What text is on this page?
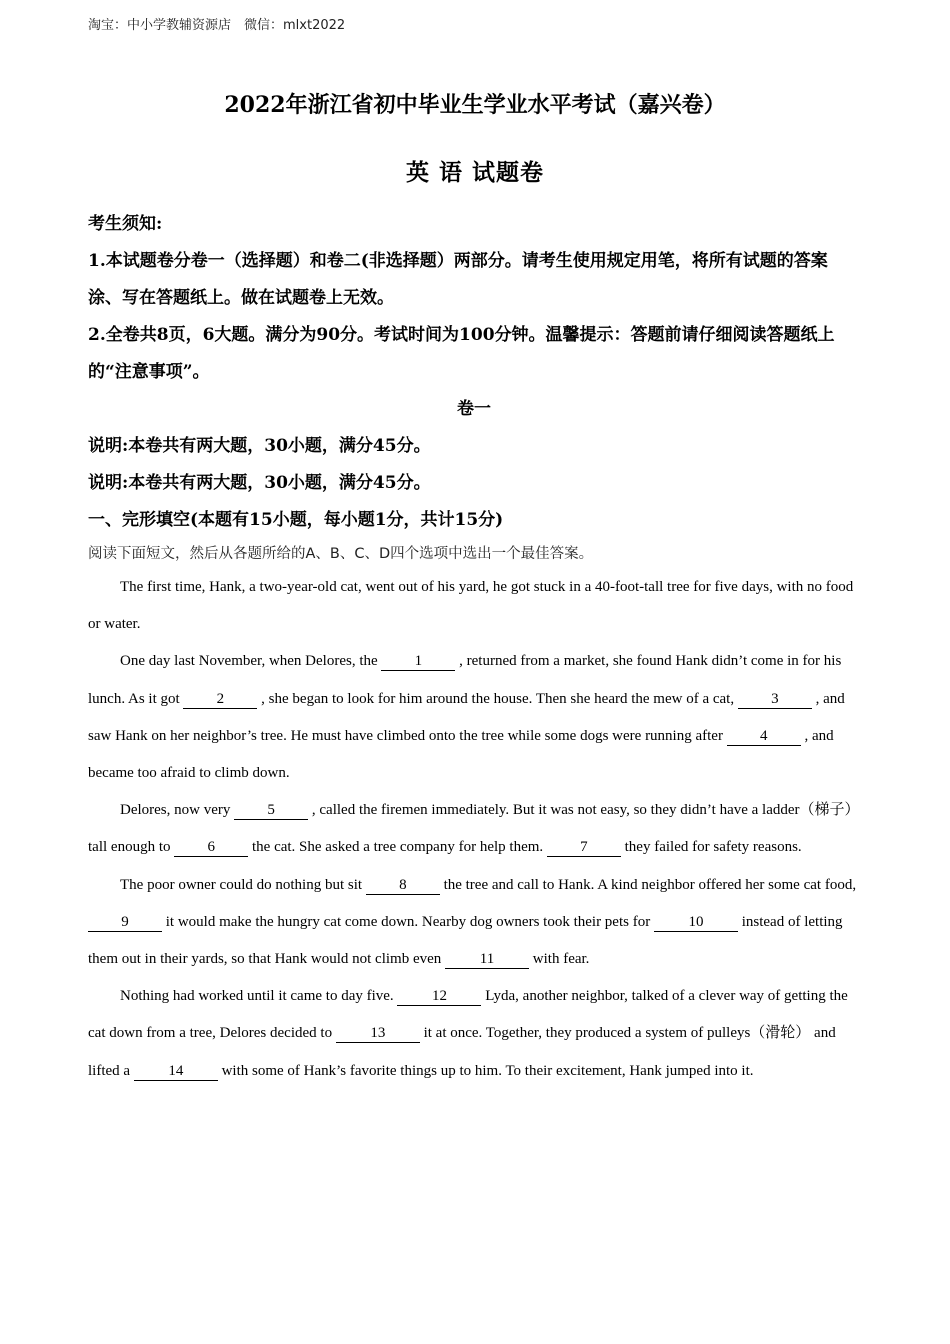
淘宝：中小学教辅资源店　微信：mlxt2022
2022年浙江省初中毕业生学业水平考试（嘉兴卷）
英 语 试题卷
考生须知:
1.本试题卷分卷一（选择题）和卷二(非选择题）两部分。请考生使用规定用笔，将所有试题的答案涂、写在答题纸上。做在试题卷上无效。
2.全卷共8页，6大题。满分为90分。考试时间为100分钟。温馨提示：答题前请仔细阅读答题纸上的“注意事项”。
卷一
说明:本卷共有两大题，30小题，满分45分。
说明:本卷共有两大题，30小题，满分45分。
一、完形填空(本题有15小题，每小题1分，共计15分)
阅读下面短文，然后从各题所给的A、B、C、D四个选项中选出一个最佳答案。

The first time, Hank, a two-year-old cat, went out of his yard, he got stuck in a 40-foot-tall tree for five days, with no food or water.

One day last November, when Delores, the 1 , returned from a market, she found Hank didn’t come in for his lunch. As it got 2 , she began to look for him around the house. Then she heard the mew of a cat, 3 , and saw Hank on her neighbor’s tree. He must have climbed onto the tree while some dogs were running after 4 , and became too afraid to climb down.

Delores, now very 5 , called the firemen immediately. But it was not easy, so they didn’t have a ladder（梯子） tall enough to 6 the cat. She asked a tree company for help them. 7 they failed for safety reasons.

The poor owner could do nothing but sit 8 the tree and call to Hank. A kind neighbor offered her some cat food, 9 it would make the hungry cat come down. Nearby dog owners took their pets for 10 instead of letting them out in their yards, so that Hank would not climb even 11 with fear.

Nothing had worked until it came to day five. 12 Lyda, another neighbor, talked of a clever way of getting the cat down from a tree, Delores decided to 13 it at once. Together, they produced a system of pulleys（滑轮） and lifted a 14 with some of Hank’s favorite things up to him. To their excitement, Hank jumped into it.
